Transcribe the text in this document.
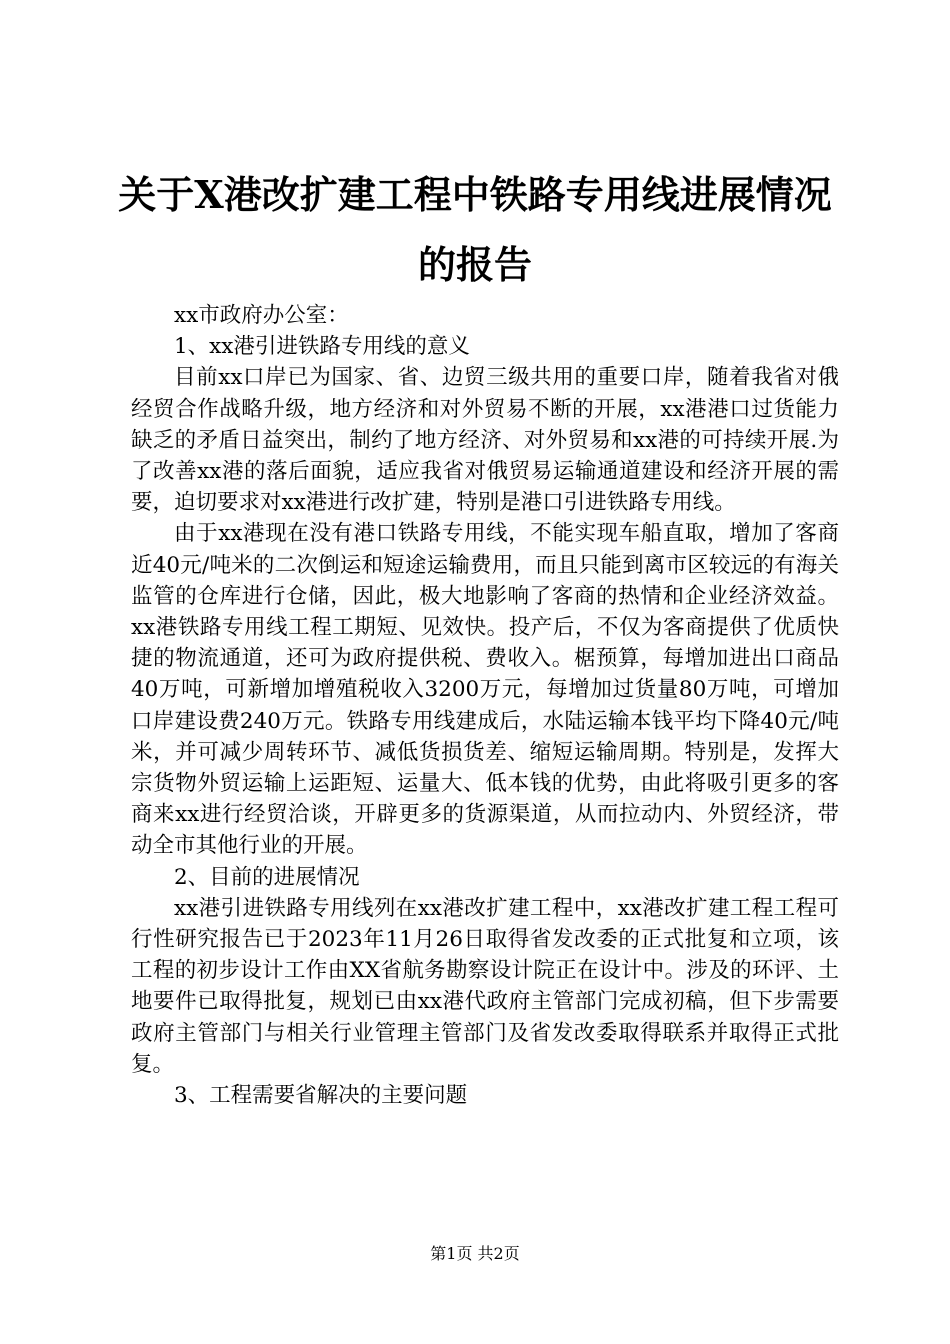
关于X港改扩建工程中铁路专用线进展情况的报告

xx市政府办公室：

1、xx港引进铁路专用线的意义

目前xx口岸已为国家、省、边贸三级共用的重要口岸，随着我省对俄经贸合作战略升级，地方经济和对外贸易不断的开展，xx港港口过货能力缺乏的矛盾日益突出，制约了地方经济、对外贸易和xx港的可持续开展.为了改善xx港的落后面貌，适应我省对俄贸易运输通道建设和经济开展的需要，迫切要求对xx港进行改扩建，特别是港口引进铁路专用线。

由于xx港现在没有港口铁路专用线，不能实现车船直取，增加了客商近40元/吨米的二次倒运和短途运输费用，而且只能到离市区较远的有海关监管的仓库进行仓储，因此，极大地影响了客商的热情和企业经济效益。xx港铁路专用线工程工期短、见效快。投产后，不仅为客商提供了优质快捷的物流通道，还可为政府提供税、费收入。椐预算，每增加进出口商品40万吨，可新增加增殖税收入3200万元，每增加过货量80万吨，可增加口岸建设费240万元。铁路专用线建成后，水陆运输本钱平均下降40元/吨米，并可减少周转环节、减低货损货差、缩短运输周期。特别是，发挥大宗货物外贸运输上运距短、运量大、低本钱的优势，由此将吸引更多的客商来xx进行经贸洽谈，开辟更多的货源渠道，从而拉动内、外贸经济，带动全市其他行业的开展。

2、目前的进展情况

xx港引进铁路专用线列在xx港改扩建工程中，xx港改扩建工程工程可行性研究报告已于2023年11月26日取得省发改委的正式批复和立项，该工程的初步设计工作由XX省航务勘察设计院正在设计中。涉及的环评、土地要件已取得批复，规划已由xx港代政府主管部门完成初稿，但下步需要政府主管部门与相关行业管理主管部门及省发改委取得联系并取得正式批复。

3、工程需要省解决的主要问题

第1页 共2页
